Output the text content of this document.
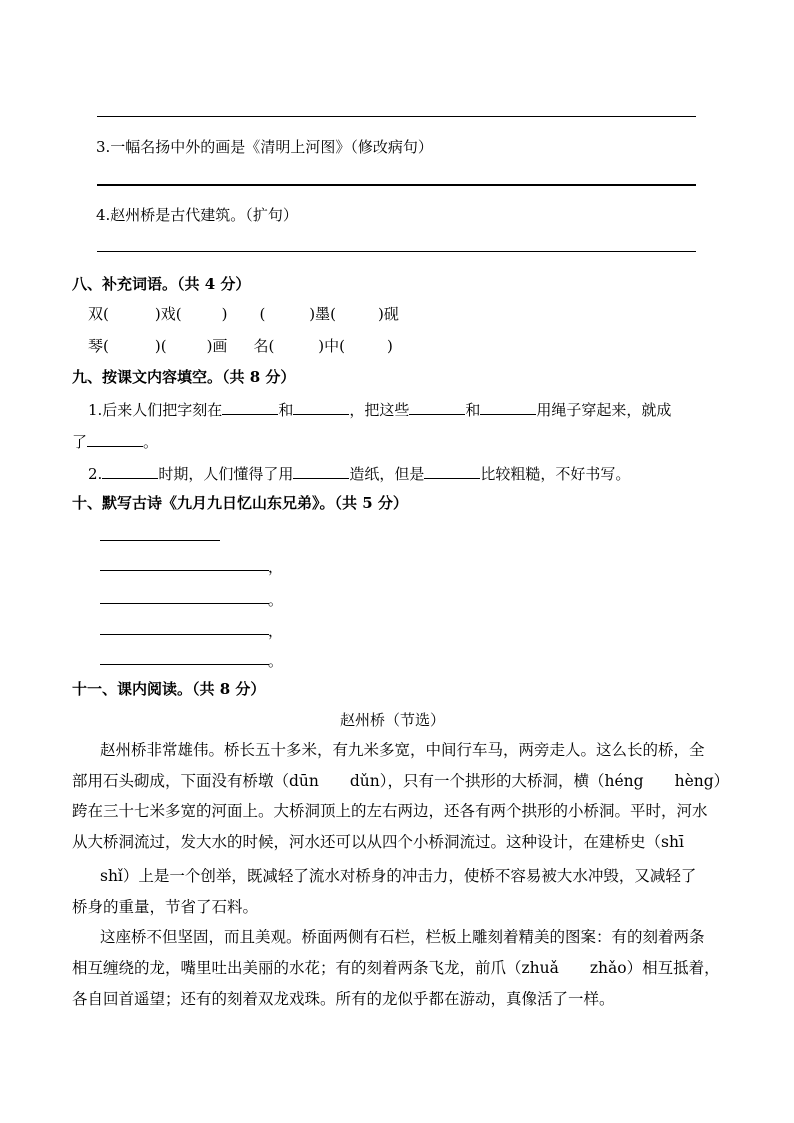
3.一幅名扬中外的画是《清明上河图》（修改病句）
4.赵州桥是古代建筑。（扩句）
八、补充词语。（共 4 分）
双(	)戏(	) (	)墨(	)砚
琴(	)(	)画 名(	)中(	)
九、按课文内容填空。（共 8 分）
1.后来人们把字刻在	和	，把这些	和	用绳子穿起来，就成
了	。
2.	时期，人们懂得了用	造纸，但是	比较粗糙，不好书写。
十、默写古诗《九月九日忆山东兄弟》。（共 5 分）
，
。
，
。
十一、课内阅读。（共 8 分）
赵州桥（节选）
赵州桥非常雄伟。桥长五十多米，有九米多宽，中间行车马，两旁走人。这么长的桥，全
部用石头砌成，下面没有桥墩（dūn　　dǔn），只有一个拱形的大桥洞，横（héng　　hèng）
跨在三十七米多宽的河面上。大桥洞顶上的左右两边，还各有两个拱形的小桥洞。平时，河水
从大桥洞流过，发大水的时候，河水还可以从四个小桥洞流过。这种设计，在建桥史（shī
shǐ）上是一个创举，既减轻了流水对桥身的冲击力，使桥不容易被大水冲毁，又减轻了
桥身的重量，节省了石料。
这座桥不但坚固，而且美观。桥面两侧有石栏，栏板上雕刻着精美的图案：有的刻着两条
相互缠绕的龙，嘴里吐出美丽的水花；有的刻着两条飞龙，前爪（zhuǎ　　zhǎo）相互抵着，
各自回首遥望；还有的刻着双龙戏珠。所有的龙似乎都在游动，真像活了一样。
